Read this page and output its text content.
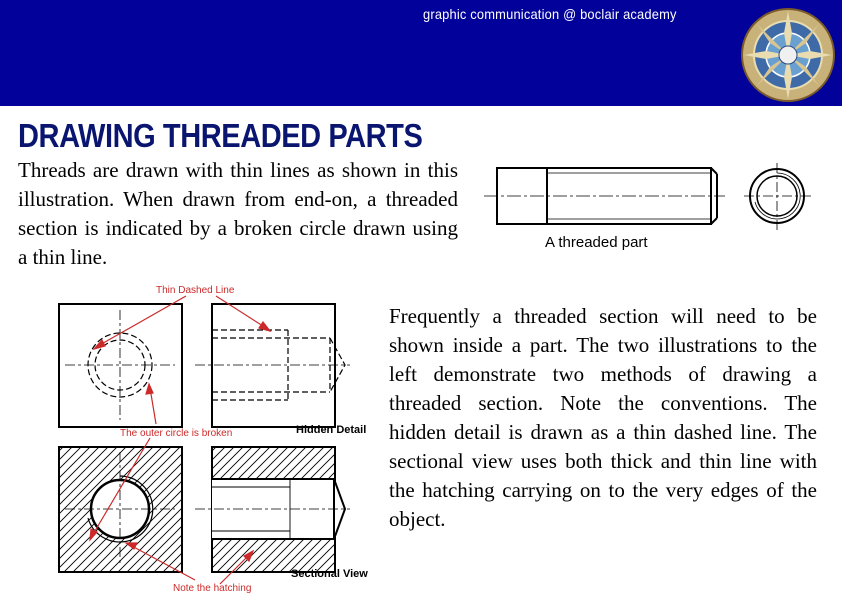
graphic communication @ boclair academy
DRAWING THREADED PARTS
Threads are drawn with thin lines as shown in this illustration. When drawn from end-on, a threaded section is indicated by a broken circle drawn using a thin line.
A threaded part
Thin Dashed Line
The outer circle is broken	Hidden Detail
Sectional View
Note the hatching
Frequently a threaded section will need to be shown inside a part. The two illustrations to the left demonstrate two methods of drawing a threaded section. Note the conventions. The hidden detail is drawn as a thin dashed line. The sectional view uses both thick and thin line with the hatching carrying on to the very edges of the object.
